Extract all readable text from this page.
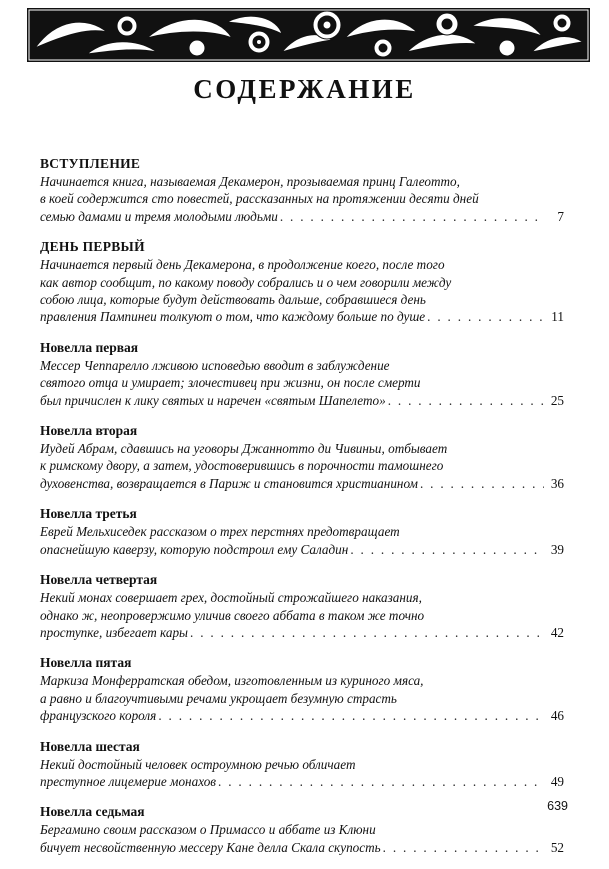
СОДЕРЖАНИЕ
ВСТУПЛЕНИЕ
Начинается книга, называемая Декамерон, прозываемая принц Галеотто,
в коей содержится сто повестей, рассказанных на протяжении десяти дней
семью дамами и тремя молодыми людьми . . .	7
ДЕНЬ ПЕРВЫЙ
Начинается первый день Декамерона, в продолжение коего, после того
как автор сообщит, по какому поводу собрались и о чем говорили между
собою лица, которые будут действовать дальше, собравшиеся день
правления Пампинеи толкуют о том, что каждому больше по душе . . .	11
Новелла первая
Мессер Чеппарелло лживою исповедью вводит в заблуждение
святого отца и умирает; злочестивец при жизни, он после смерти
был причислен к лику святых и наречен «святым Шапелето» . . .	25
Новелла вторая
Иудей Абрам, сдавшись на уговоры Джаннотто ди Чивиньи, отбывает
к римскому двору, а затем, удостоверившись в порочности тамошнего
духовенства, возвращается в Париж и становится христианином . . .	36
Новелла третья
Еврей Мельхиседек рассказом о трех перстнях предотвращает
опаснейшую каверзу, которую подстроил ему Саладин . . .	39
Новелла четвертая
Некий монах совершает грех, достойный строжайшего наказания,
однако ж, неопровержимо уличив своего аббата в таком же точно
проступке, избегает кары . . .	42
Новелла пятая
Маркиза Монферратская обедом, изготовленным из куриного мяса,
а равно и благоучтивыми речами укрощает безумную страсть
французского короля . . .	46
Новелла шестая
Некий достойный человек остроумною речью обличает
преступное лицемерие монахов . . .	49
Новелла седьмая
Бергамино своим рассказом о Примассо и аббате из Клюни
бичует несвойственную мессеру Кане делла Скала скупость . . .	52
639
